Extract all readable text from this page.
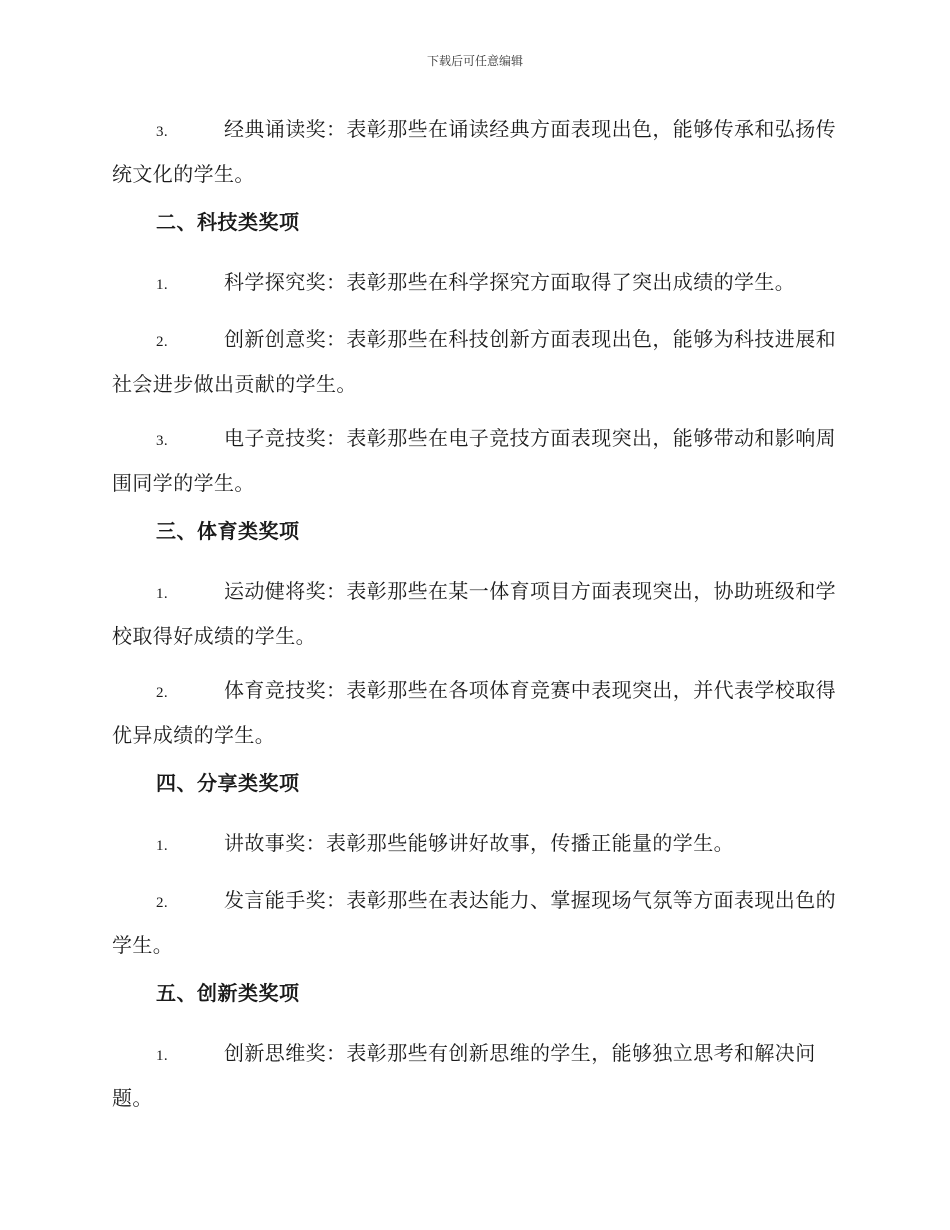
下载后可任意编辑
3.	经典诵读奖：表彰那些在诵读经典方面表现出色，能够传承和弘扬传统文化的学生。
二、科技类奖项
1.	科学探究奖：表彰那些在科学探究方面取得了突出成绩的学生。
2.	创新创意奖：表彰那些在科技创新方面表现出色，能够为科技进展和社会进步做出贡献的学生。
3.	电子竞技奖：表彰那些在电子竞技方面表现突出，能够带动和影响周围同学的学生。
三、体育类奖项
1.	运动健将奖：表彰那些在某一体育项目方面表现突出，协助班级和学校取得好成绩的学生。
2.	体育竞技奖：表彰那些在各项体育竞赛中表现突出，并代表学校取得优异成绩的学生。
四、分享类奖项
1.	讲故事奖：表彰那些能够讲好故事，传播正能量的学生。
2.	发言能手奖：表彰那些在表达能力、掌握现场气氛等方面表现出色的学生。
五、创新类奖项
1.	创新思维奖：表彰那些有创新思维的学生，能够独立思考和解决问题。
